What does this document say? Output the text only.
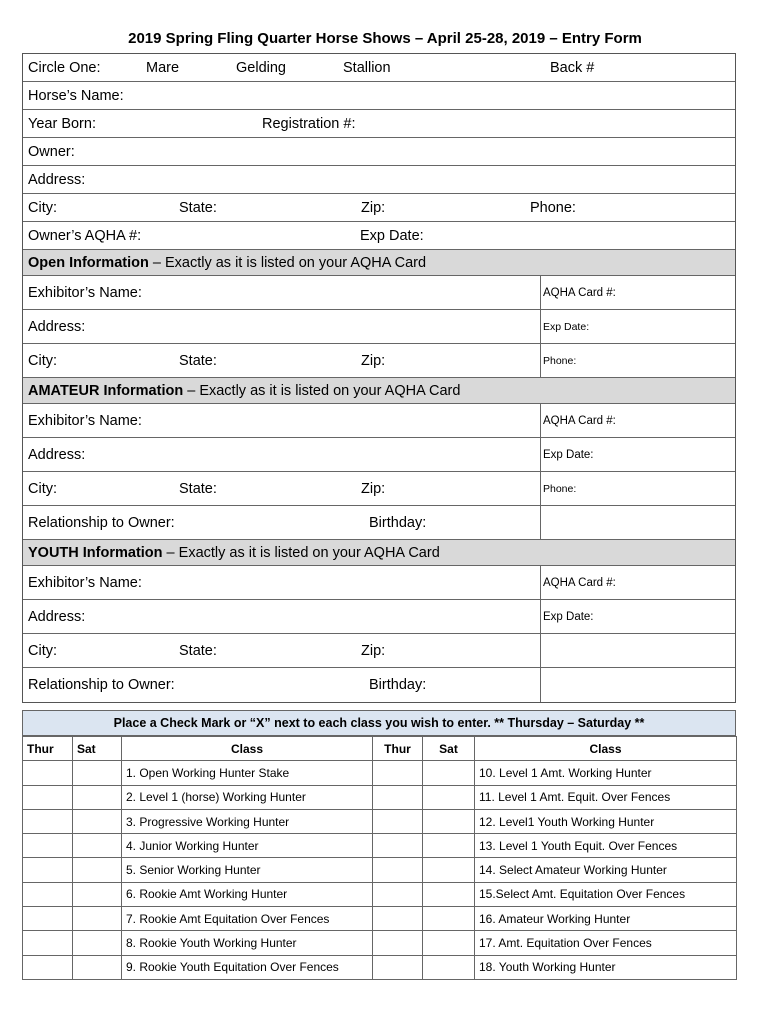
2019 Spring Fling Quarter Horse Shows – April 25-28, 2019 – Entry Form
Circle One:	Mare	Gelding	Stallion	Back #
Horse’s Name:
Year Born:	Registration #:
Owner:
Address:
City:	State:	Zip:	Phone:
Owner’s AQHA #:	Exp Date:
Open Information – Exactly as it is listed on your AQHA Card
Exhibitor’s Name:	AQHA Card #:
Address:	Exp Date:
City:	State:	Zip:	Phone:
AMATEUR Information – Exactly as it is listed on your AQHA Card
Exhibitor’s Name:	AQHA Card #:
Address:	Exp Date:
City:	State:	Zip:	Phone:
Relationship to Owner:	Birthday:
YOUTH Information – Exactly as it is listed on your AQHA Card
Exhibitor’s Name:	AQHA Card #:
Address:	Exp Date:
City:	State:	Zip:
Relationship to Owner:	Birthday:
Place a Check Mark or “X” next to each class you wish to enter. ** Thursday – Saturday **
Thur	Sat	Class	Thur	Sat	Class
		1. Open Working Hunter Stake			10. Level 1 Amt. Working Hunter
		2. Level 1 (horse) Working Hunter			11. Level 1 Amt. Equit. Over Fences
		3. Progressive Working Hunter			12. Level1 Youth Working Hunter
		4. Junior Working Hunter			13. Level 1 Youth Equit. Over Fences
		5. Senior Working Hunter			14. Select Amateur Working Hunter
		6. Rookie Amt Working Hunter			15.Select Amt. Equitation Over Fences
		7. Rookie Amt Equitation Over Fences			16. Amateur Working Hunter
		8. Rookie Youth Working Hunter			17. Amt. Equitation Over Fences
		9. Rookie Youth Equitation Over Fences			18. Youth Working Hunter
